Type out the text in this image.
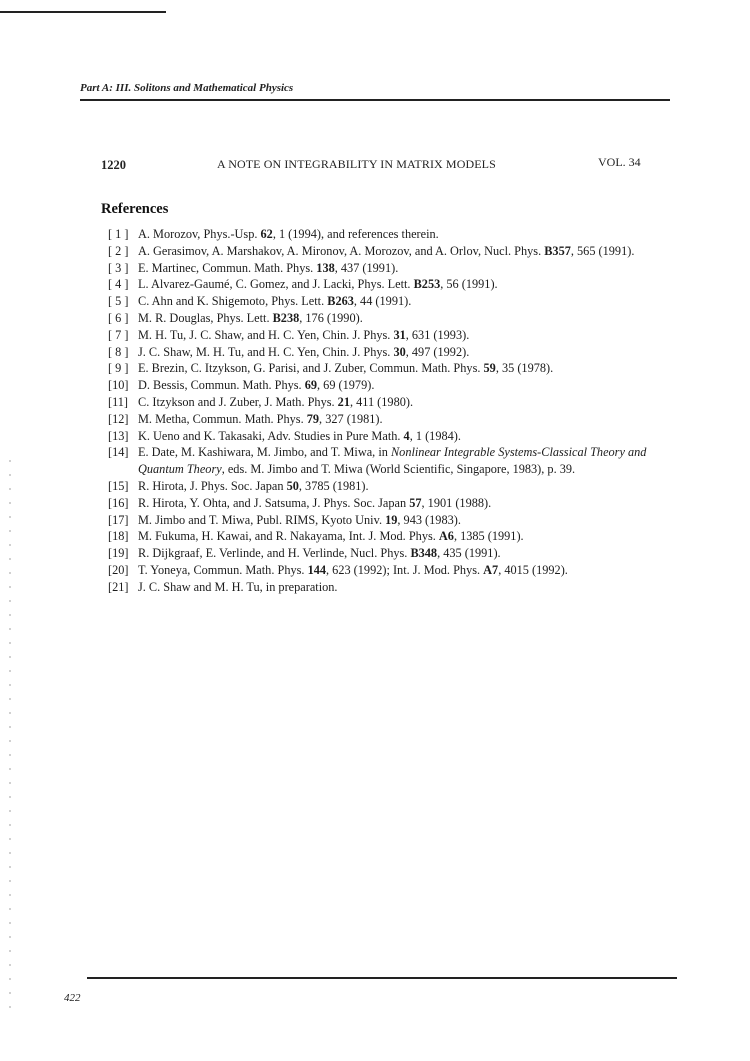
Part A: III. Solitons and Mathematical Physics
1220	A NOTE ON INTEGRABILITY IN MATRIX MODELS	VOL. 34
References
[ 1 ] A. Morozov, Phys.-Usp. 62, 1 (1994), and references therein.
[ 2 ] A. Gerasimov, A. Marshakov, A. Mironov, A. Morozov, and A. Orlov, Nucl. Phys. B357, 565 (1991).
[ 3 ] E. Martinec, Commun. Math. Phys. 138, 437 (1991).
[ 4 ] L. Alvarez-Gaumé, C. Gomez, and J. Lacki, Phys. Lett. B253, 56 (1991).
[ 5 ] C. Ahn and K. Shigemoto, Phys. Lett. B263, 44 (1991).
[ 6 ] M. R. Douglas, Phys. Lett. B238, 176 (1990).
[ 7 ] M. H. Tu, J. C. Shaw, and H. C. Yen, Chin. J. Phys. 31, 631 (1993).
[ 8 ] J. C. Shaw, M. H. Tu, and H. C. Yen, Chin. J. Phys. 30, 497 (1992).
[ 9 ] E. Brezin, C. Itzykson, G. Parisi, and J. Zuber, Commun. Math. Phys. 59, 35 (1978).
[10] D. Bessis, Commun. Math. Phys. 69, 69 (1979).
[11] C. Itzykson and J. Zuber, J. Math. Phys. 21, 411 (1980).
[12] M. Metha, Commun. Math. Phys. 79, 327 (1981).
[13] K. Ueno and K. Takasaki, Adv. Studies in Pure Math. 4, 1 (1984).
[14] E. Date, M. Kashiwara, M. Jimbo, and T. Miwa, in Nonlinear Integrable Systems-Classical Theory and Quantum Theory, eds. M. Jimbo and T. Miwa (World Scientific, Singapore, 1983), p. 39.
[15] R. Hirota, J. Phys. Soc. Japan 50, 3785 (1981).
[16] R. Hirota, Y. Ohta, and J. Satsuma, J. Phys. Soc. Japan 57, 1901 (1988).
[17] M. Jimbo and T. Miwa, Publ. RIMS, Kyoto Univ. 19, 943 (1983).
[18] M. Fukuma, H. Kawai, and R. Nakayama, Int. J. Mod. Phys. A6, 1385 (1991).
[19] R. Dijkgraaf, E. Verlinde, and H. Verlinde, Nucl. Phys. B348, 435 (1991).
[20] T. Yoneya, Commun. Math. Phys. 144, 623 (1992); Int. J. Mod. Phys. A7, 4015 (1992).
[21] J. C. Shaw and M. H. Tu, in preparation.
422
